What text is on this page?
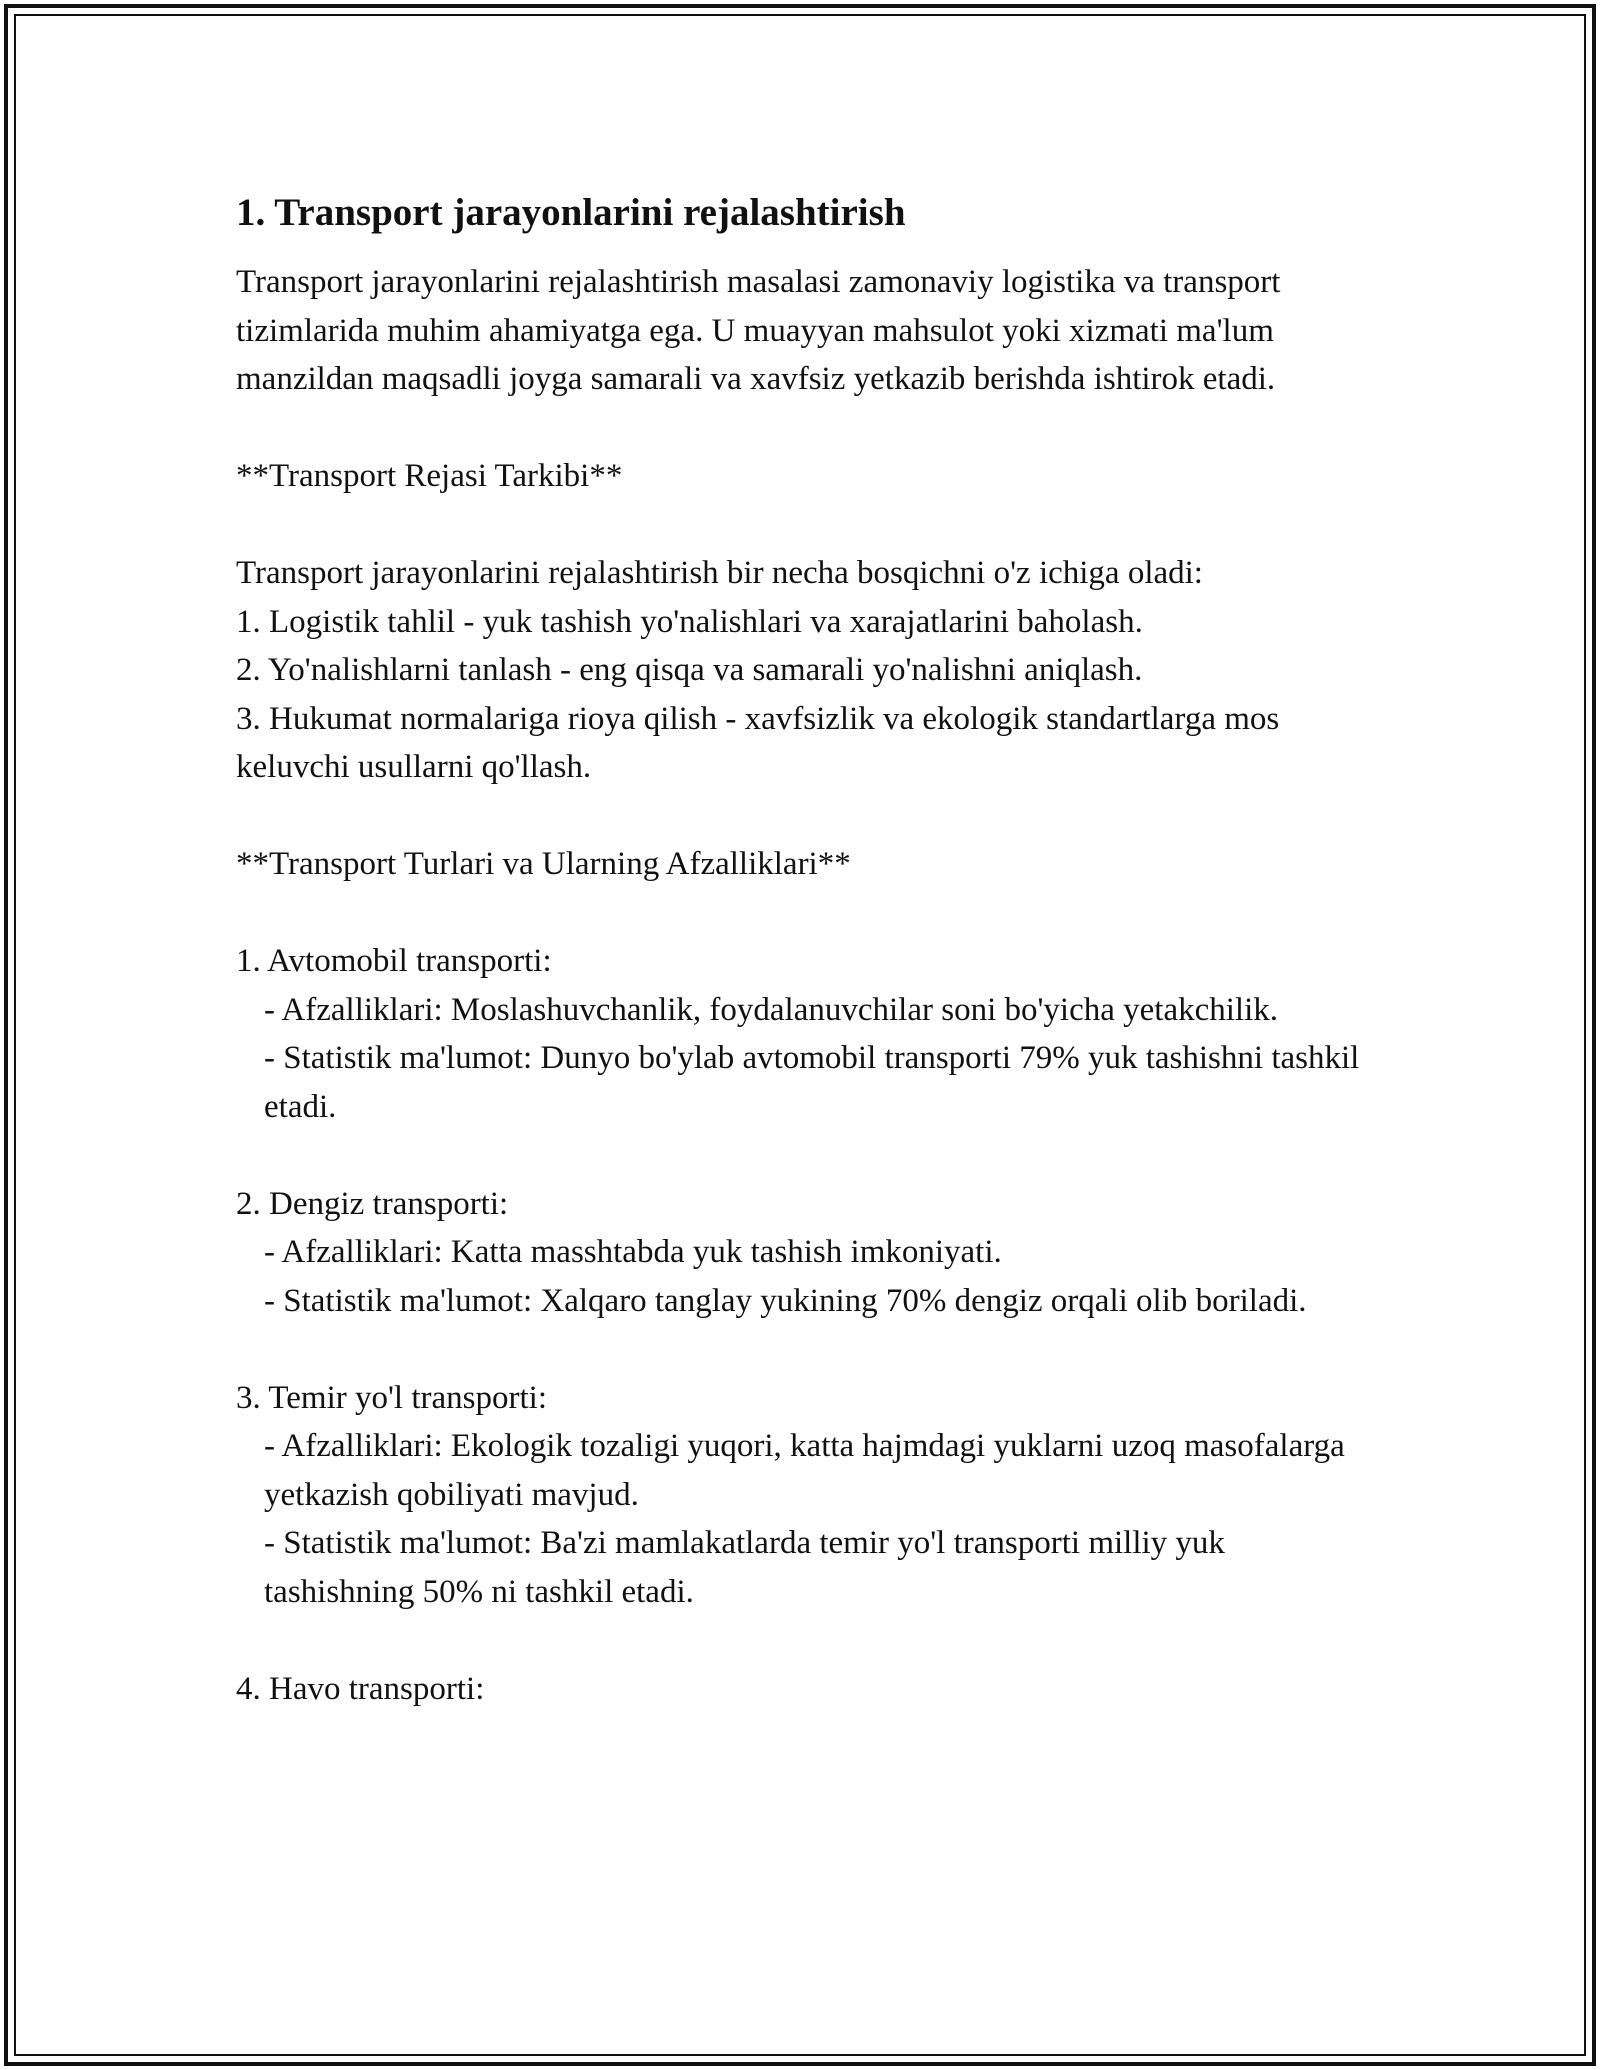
1. Transport jarayonlarini rejalashtirish

Transport jarayonlarini rejalashtirish masalasi zamonaviy logistika va transport tizimlarida muhim ahamiyatga ega. U muayyan mahsulot yoki xizmati ma'lum manzildan maqsadli joyga samarali va xavfsiz yetkazib berishda ishtirok etadi.

**Transport Rejasi Tarkibi**

Transport jarayonlarini rejalashtirish bir necha bosqichni o'z ichiga oladi:

1. Logistik tahlil - yuk tashish yo'nalishlari va xarajatlarini baholash.

2. Yo'nalishlarni tanlash - eng qisqa va samarali yo'nalishni aniqlash.

3. Hukumat normalariga rioya qilish - xavfsizlik va ekologik standartlarga mos keluvchi usullarni qo'llash.

**Transport Turlari va Ularning Afzalliklari**

1. Avtomobil transporti:

- Afzalliklari: Moslashuvchanlik, foydalanuvchilar soni bo'yicha yetakchilik.

- Statistik ma'lumot: Dunyo bo'ylab avtomobil transporti 79% yuk tashishni tashkil etadi.

2. Dengiz transporti:

- Afzalliklari: Katta masshtabda yuk tashish imkoniyati.

- Statistik ma'lumot: Xalqaro tanglay yukining 70% dengiz orqali olib boriladi.

3. Temir yo'l transporti:

- Afzalliklari: Ekologik tozaligi yuqori, katta hajmdagi yuklarni uzoq masofalarga yetkazish qobiliyati mavjud.

- Statistik ma'lumot: Ba'zi mamlakatlarda temir yo'l transporti milliy yuk tashishning 50% ni tashkil etadi.

4. Havo transporti:
